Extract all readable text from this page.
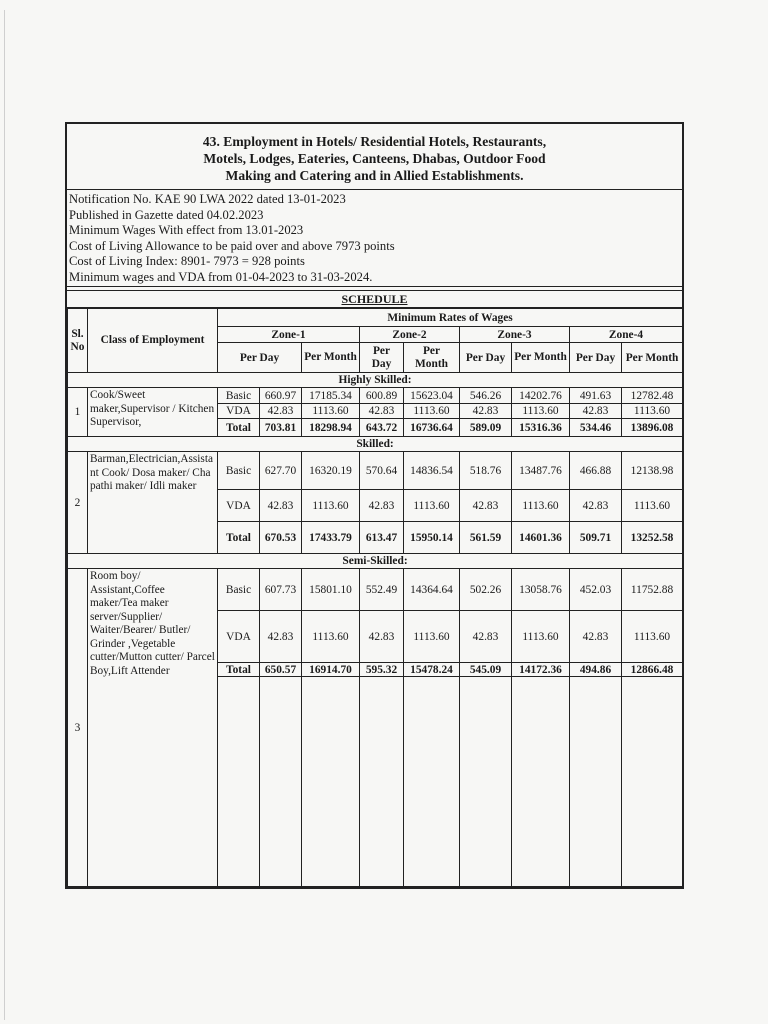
43. Employment in Hotels/ Residential Hotels, Restaurants,
Motels, Lodges, Eateries, Canteens, Dhabas, Outdoor Food
Making and Catering and in Allied Establishments.
Notification No. KAE 90 LWA 2022 dated 13-01-2023
Published in Gazette dated 04.02.2023
Minimum Wages With effect from 13.01-2023
Cost of Living Allowance to be paid over and above 7973 points
Cost of Living Index: 8901- 7973 = 928 points
Minimum wages and VDA from 01-04-2023 to 31-03-2024.
SCHEDULE
Sl. No	Class of Employment	Minimum Rates of Wages								
		Zone-1			Zone-2		Zone-3		Zone-4	
		Per Day		Per Month	Per Day	Per Month	Per Day	Per Month	Per Day	Per Month
Highly Skilled:										
1	Cook/Sweet maker,Supervisor / Kitchen Supervisor,	Basic	660.97	17185.34	600.89	15623.04	546.26	14202.76	491.63	12782.48
		VDA	42.83	1113.60	42.83	1113.60	42.83	1113.60	42.83	1113.60
		Total	703.81	18298.94	643.72	16736.64	589.09	15316.36	534.46	13896.08
Skilled:										
2	Barman,Electrician,Assistant Cook/ Dosa maker/ Chapathi maker/ Idli maker	Basic	627.70	16320.19	570.64	14836.54	518.76	13487.76	466.88	12138.98
		VDA	42.83	1113.60	42.83	1113.60	42.83	1113.60	42.83	1113.60
		Total	670.53	17433.79	613.47	15950.14	561.59	14601.36	509.71	13252.58
Semi-Skilled:										
3	Room boy/ Assistant,Coffee maker/Tea maker server/Supplier/ Waiter/Bearer/ Butler/ Grinder ,Vegetable cutter/Mutton cutter/ Parcel Boy,Lift Attender	Basic	607.73	15801.10	552.49	14364.64	502.26	13058.76	452.03	11752.88
		VDA	42.83	1113.60	42.83	1113.60	42.83	1113.60	42.83	1113.60
		Total	650.57	16914.70	595.32	15478.24	545.09	14172.36	494.86	12866.48
